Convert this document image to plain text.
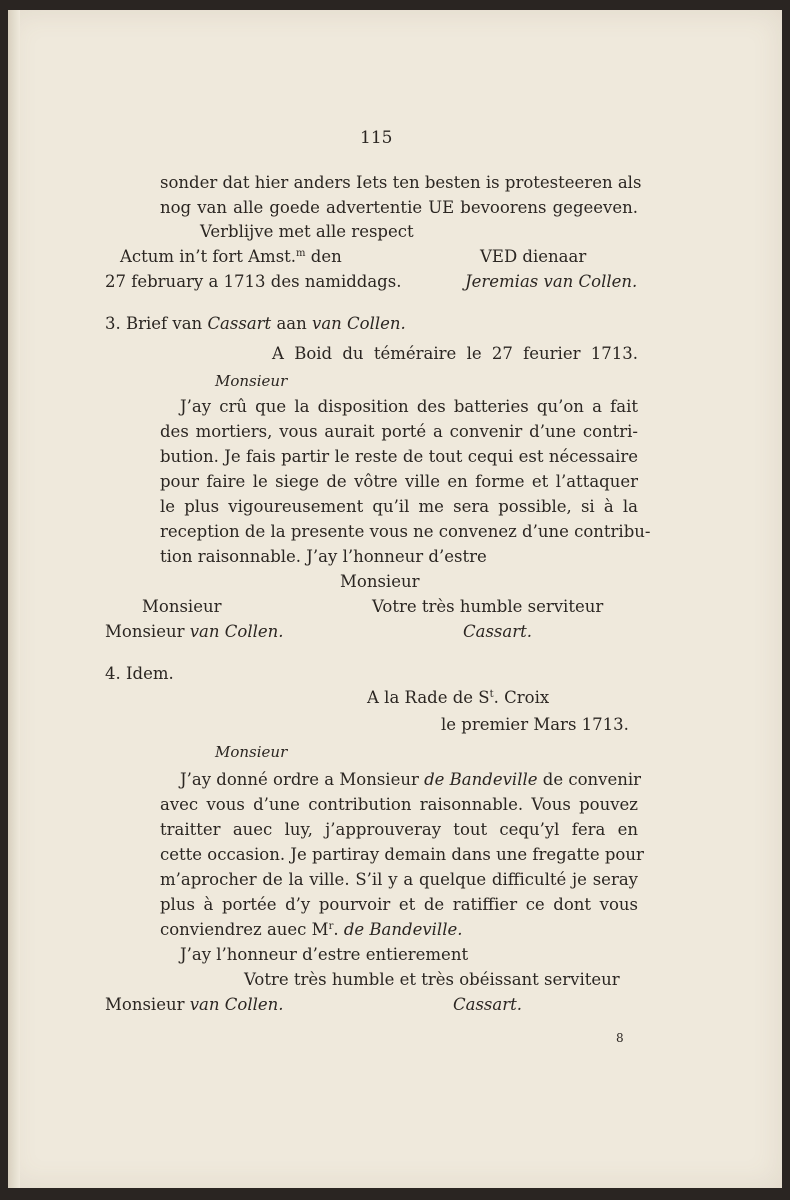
115
sonder dat hier anders Iets ten besten is protesteeren als
nog van alle goede advertentie UE bevoorens gegeeven.
Verblijve met alle respect
Actum in’t fort Amst.$^m$ den	VED dienaar
27 february a 1713 des namiddags.	Jeremias van Collen.
3. Brief van Cassart aan van Collen.
A Boid du téméraire le 27 feurier 1713.
Monsieur
J’ay crû que la disposition des batteries qu’on a fait
des mortiers, vous aurait porté a convenir d’une contri-
bution. Je fais partir le reste de tout cequi est nécessaire
pour faire le siege de vôtre ville en forme et l’attaquer
le plus vigoureusement qu’il me sera possible, si à la
reception de la presente vous ne convenez d’une contribu-
tion raisonnable. J’ay l’honneur d’estre
Monsieur
Monsieur	Votre très humble serviteur
Monsieur van Collen.	Cassart.
4. Idem.
A la Rade de $S^t$. Croix
le premier Mars 1713.
Monsieur
J’ay donné ordre a Monsieur de Bandeville de convenir
avec vous d’une contribution raisonnable. Vous pouvez
traitter auec luy, j’approuveray tout cequ’yl fera en
cette occasion. Je partiray demain dans une fregatte pour
m’aprocher de la ville. S’il y a quelque difficulté je seray
plus à portée d’y pourvoir et de ratiffier ce dont vous
conviendrez auec $M^r$. de Bandeville.
J’ay l’honneur d’estre entierement
Votre très humble et très obéissant serviteur
Monsieur van Collen.	Cassart.
8
